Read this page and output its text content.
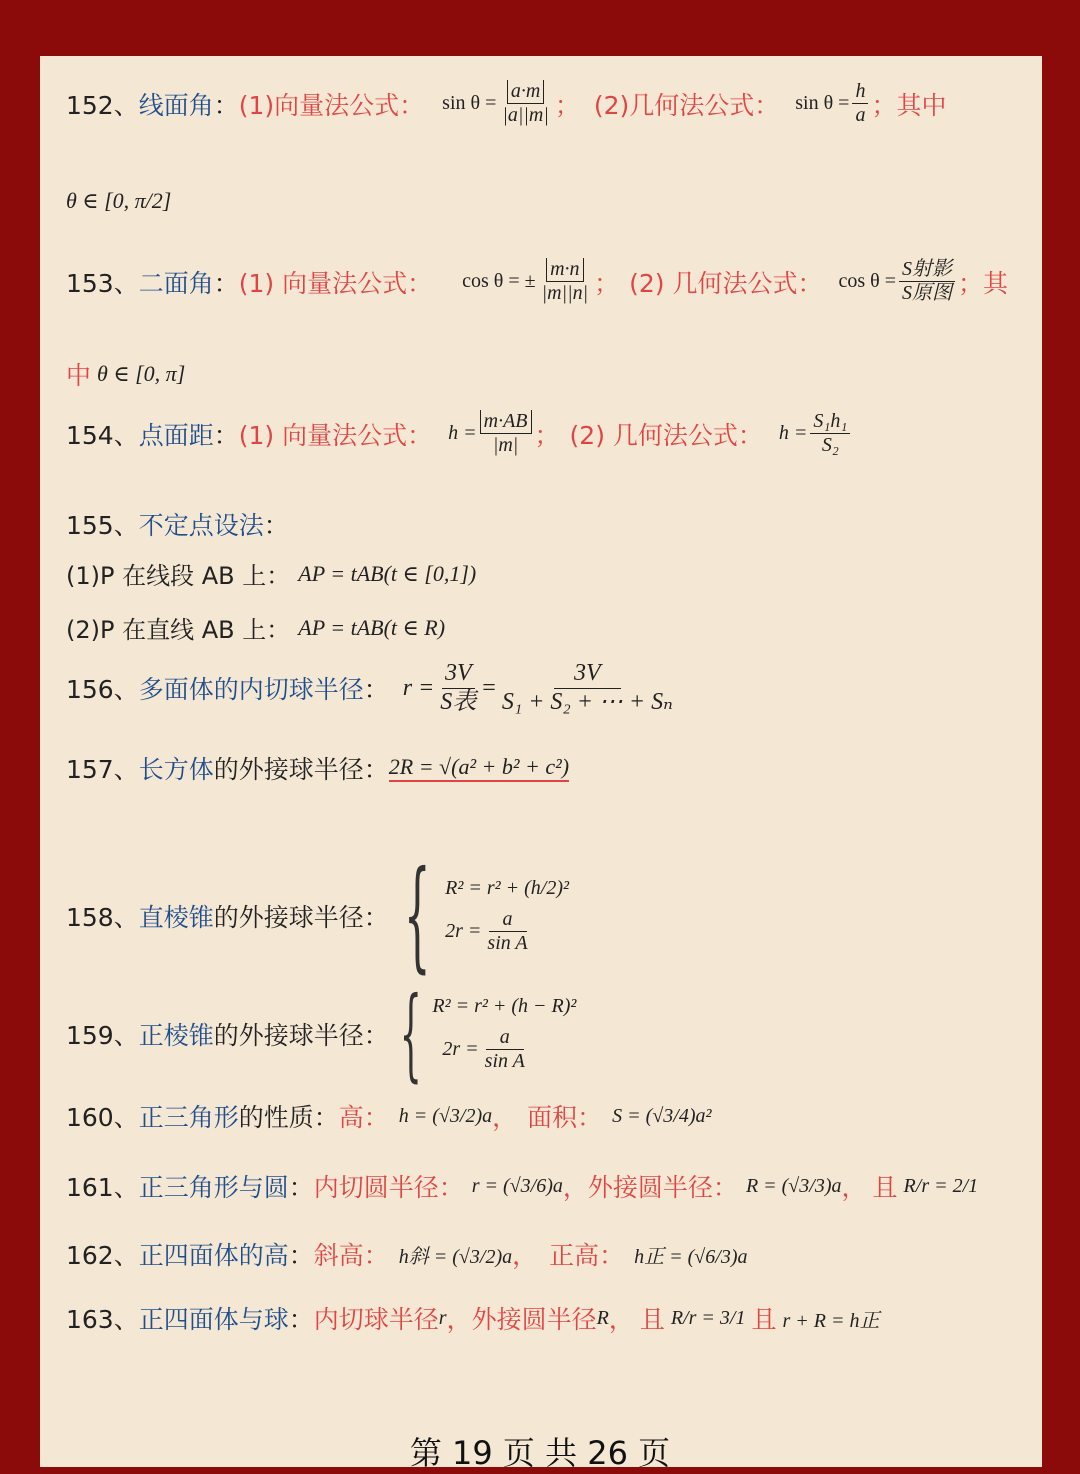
152、 线面角 ： (1)向量法公式： $\sin \theta = \frac{a\cdot m}{|a||m|}$ ； (2)几何法公式： $\sin \theta = \frac{h}{a}$ ；其中
θ ∈ [0, π/2]
153、 二面角 ： (1) 向量法公式： cos θ = ± $\frac{m\cdot n}{|m||n|}$ ； (2) 几何法公式： $\cos \theta = \frac{\text{S射影}}{\text{S原图}}$ ；其
中 θ ∈ [0, π]
154、 点面距 ： (1) 向量法公式： $h = \frac{m\cdot AB}{|m|}$ ； (2) 几何法公式： $h = \frac{\text{S₁h₁}}{\text{S₂}}$
155、 不定点设法 ：
(1)P 在线段 AB 上： AP = tAB(t ∈ [0,1])
(2)P 在直线 AB 上： AP = tAB(t ∈ R)
156、 多面体的内切球半径 ： $r = \frac{3V}{\text{S表}} = \frac{3V}{\text{S₁ + S₂ + ⋯ + Sₙ}}$
157、 长方体 的外接球半径 ： 2R = √(a² + b² + c²)
158、 直棱锥 的外接球半径 ： { R² = r² + (h/2)²
$2r = \frac{a}{\text{sin A}}$
159、 正棱锥 的外接球半径 ： { R² = r² + (h − R)²
$2r = \frac{a}{\text{sin A}}$
160、 正三角形 的性质 ： 高： h = (√3/2)a ， 面积： S = (√3/4)a²
161、 正三角形与圆 ： 内切圆半径： r = (√3/6)a ， 外接圆半径： R = (√3/3)a ， 且 R/r = 2/1
162、 正四面体的高 ： 斜高： h斜 = (√3/2)a ， 正高： h正 = (√6/3)a
163、 正四面体与球 ： 内切球半径 r ， 外接圆半径 R ， 且 R/r = 3/1 且 r + R = h正
第 19 页 共 26 页
